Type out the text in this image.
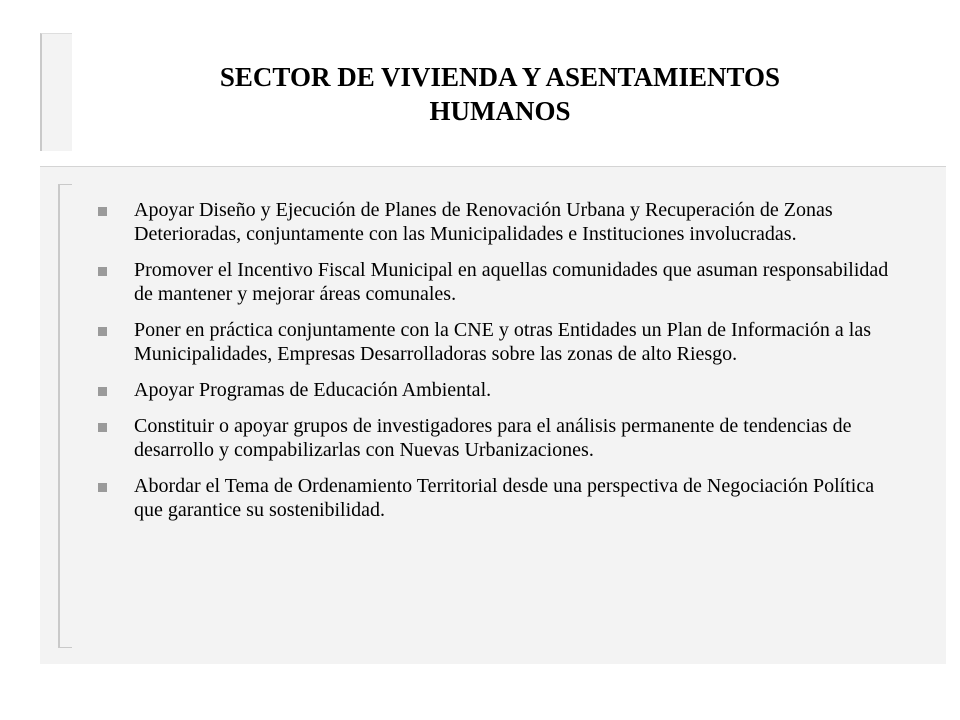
SECTOR DE VIVIENDA Y ASENTAMIENTOS
HUMANOS
Apoyar Diseño y Ejecución de Planes de Renovación Urbana y Recuperación de Zonas Deterioradas, conjuntamente con las Municipalidades e Instituciones involucradas.
Promover el Incentivo Fiscal Municipal en aquellas comunidades que asuman responsabilidad de mantener y mejorar áreas comunales.
Poner en práctica conjuntamente con la CNE y otras Entidades un Plan de Información a las Municipalidades, Empresas Desarrolladoras sobre las zonas de alto Riesgo.
Apoyar Programas de Educación Ambiental.
Constituir o apoyar grupos de investigadores para el análisis permanente de tendencias de desarrollo y compabilizarlas con Nuevas Urbanizaciones.
Abordar el Tema de Ordenamiento Territorial desde una perspectiva de Negociación Política que garantice su sostenibilidad.
